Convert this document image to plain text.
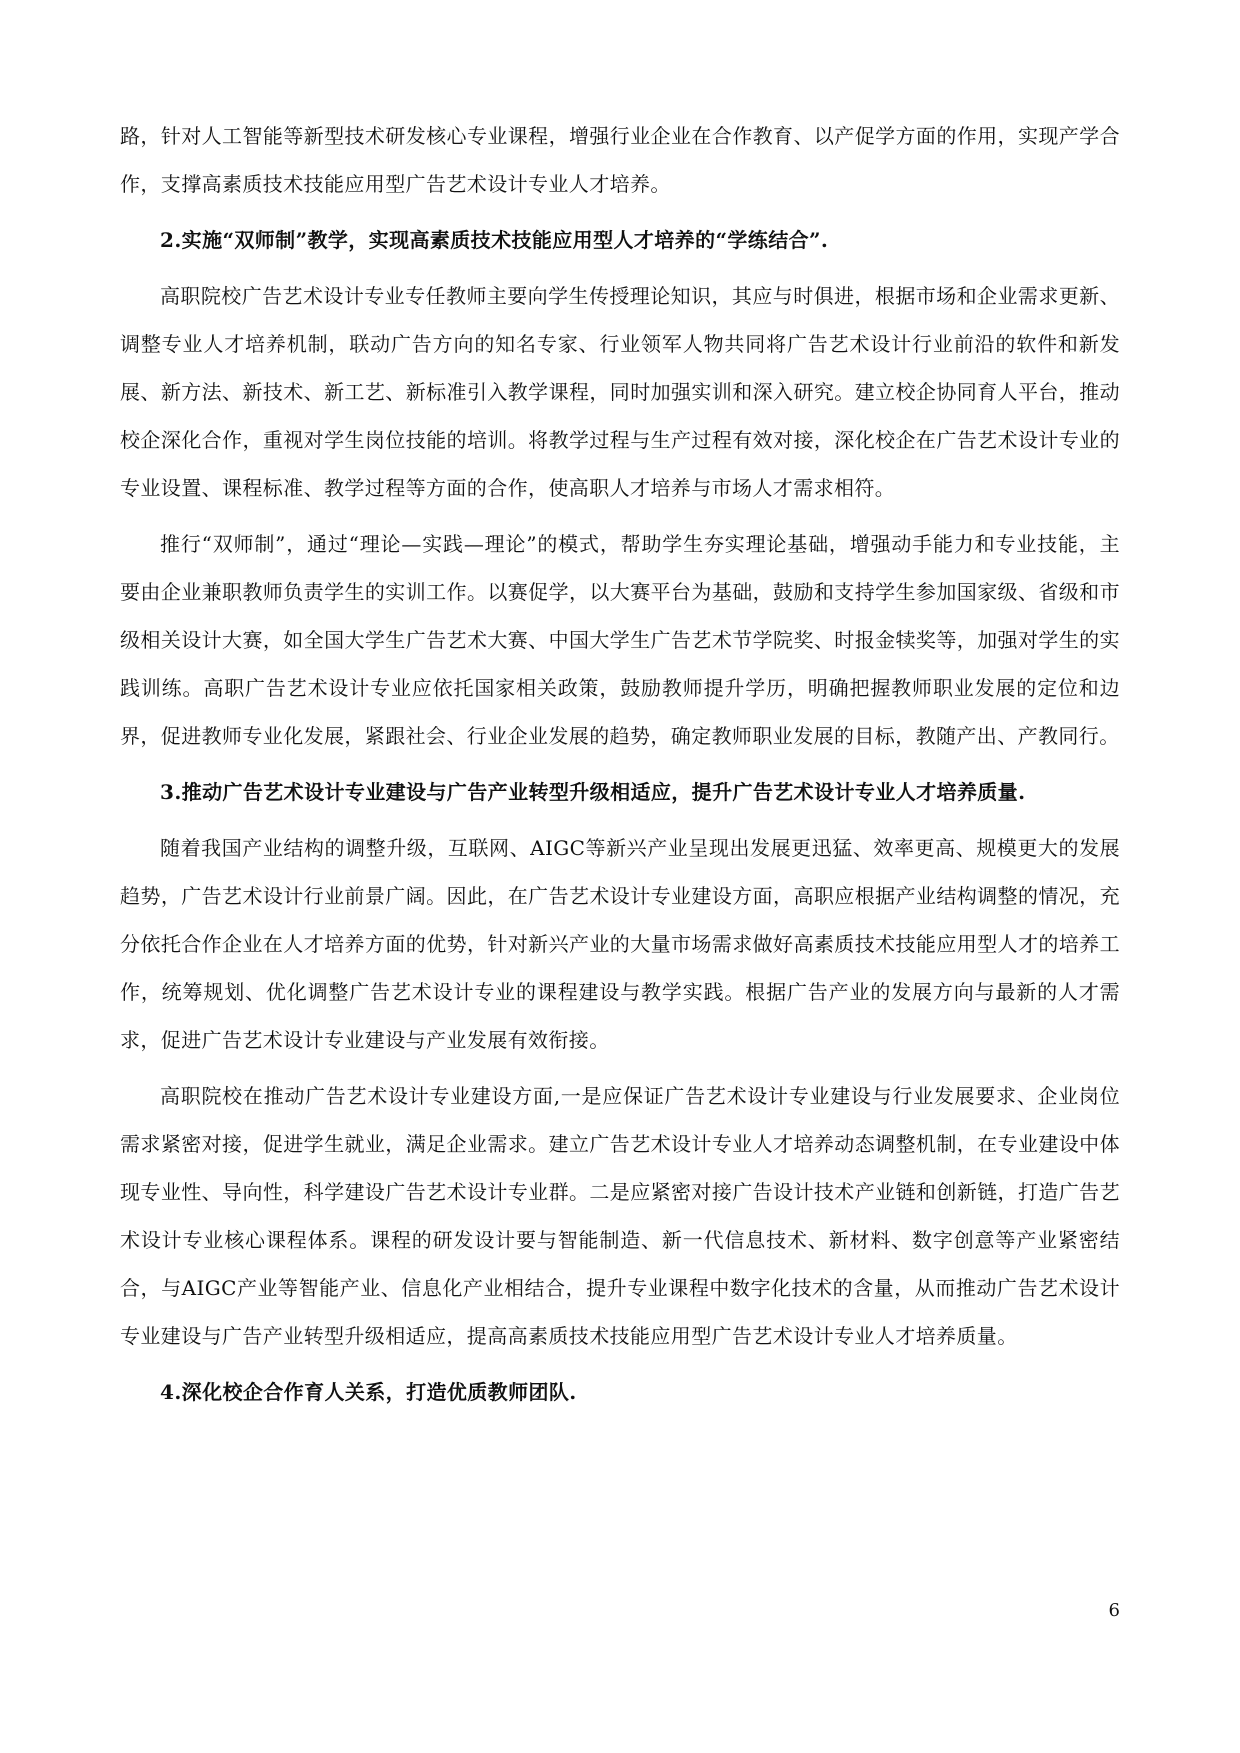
路，针对人工智能等新型技术研发核心专业课程，增强行业企业在合作教育、以产促学方面的作用，实现产学合作，支撑高素质技术技能应用型广告艺术设计专业人才培养。

2.实施“双师制”教学，实现高素质技术技能应用型人才培养的“学练结合”.

高职院校广告艺术设计专业专任教师主要向学生传授理论知识，其应与时俱进，根据市场和企业需求更新、调整专业人才培养机制，联动广告方向的知名专家、行业领军人物共同将广告艺术设计行业前沿的软件和新发展、新方法、新技术、新工艺、新标准引入教学课程，同时加强实训和深入研究。建立校企协同育人平台，推动校企深化合作，重视对学生岗位技能的培训。将教学过程与生产过程有效对接，深化校企在广告艺术设计专业的专业设置、课程标准、教学过程等方面的合作，使高职人才培养与市场人才需求相符。

推行“双师制”，通过“理论—实践—理论”的模式，帮助学生夯实理论基础，增强动手能力和专业技能，主要由企业兼职教师负责学生的实训工作。以赛促学，以大赛平台为基础，鼓励和支持学生参加国家级、省级和市级相关设计大赛，如全国大学生广告艺术大赛、中国大学生广告艺术节学院奖、时报金犊奖等，加强对学生的实践训练。高职广告艺术设计专业应依托国家相关政策，鼓励教师提升学历，明确把握教师职业发展的定位和边界，促进教师专业化发展，紧跟社会、行业企业发展的趋势，确定教师职业发展的目标，教随产出、产教同行。

3.推动广告艺术设计专业建设与广告产业转型升级相适应，提升广告艺术设计专业人才培养质量.

随着我国产业结构的调整升级，互联网、AIGC等新兴产业呈现出发展更迅猛、效率更高、规模更大的发展趋势，广告艺术设计行业前景广阔。因此，在广告艺术设计专业建设方面，高职应根据产业结构调整的情况，充分依托合作企业在人才培养方面的优势，针对新兴产业的大量市场需求做好高素质技术技能应用型人才的培养工作，统筹规划、优化调整广告艺术设计专业的课程建设与教学实践。根据广告产业的发展方向与最新的人才需求，促进广告艺术设计专业建设与产业发展有效衔接。

高职院校在推动广告艺术设计专业建设方面,一是应保证广告艺术设计专业建设与行业发展要求、企业岗位需求紧密对接，促进学生就业，满足企业需求。建立广告艺术设计专业人才培养动态调整机制，在专业建设中体现专业性、导向性，科学建设广告艺术设计专业群。二是应紧密对接广告设计技术产业链和创新链，打造广告艺术设计专业核心课程体系。课程的研发设计要与智能制造、新一代信息技术、新材料、数字创意等产业紧密结合，与AIGC产业等智能产业、信息化产业相结合，提升专业课程中数字化技术的含量，从而推动广告艺术设计专业建设与广告产业转型升级相适应，提高高素质技术技能应用型广告艺术设计专业人才培养质量。

4.深化校企合作育人关系，打造优质教师团队.

6
